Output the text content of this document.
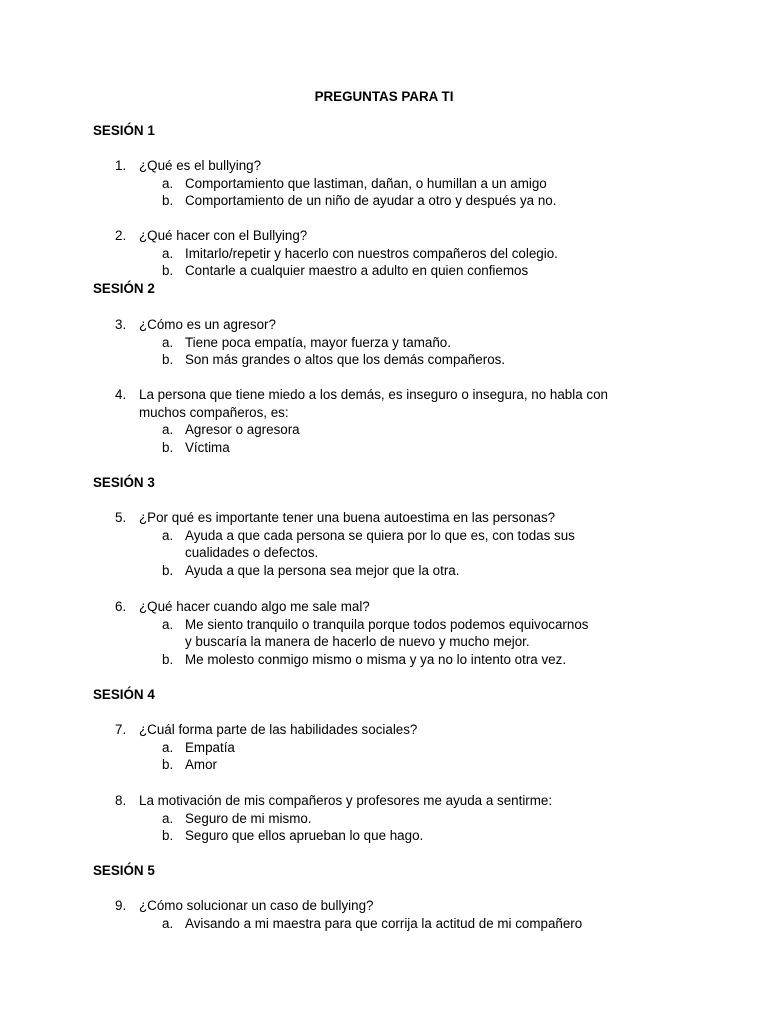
PREGUNTAS PARA TI
SESIÓN 1
1. ¿Qué es el bullying?
a. Comportamiento que lastiman, dañan, o humillan a un amigo
b. Comportamiento de un niño de ayudar a otro y después ya no.
2. ¿Qué hacer con el Bullying?
a. Imitarlo/repetir y hacerlo con nuestros compañeros del colegio.
b. Contarle a cualquier maestro a adulto en quien confiemos
SESIÓN 2
3. ¿Cómo es un agresor?
a. Tiene poca empatía, mayor fuerza y tamaño.
b. Son más grandes o altos que los demás compañeros.
4. La persona que tiene miedo a los demás, es inseguro o insegura, no habla con muchos compañeros, es:
a. Agresor o agresora
b. Víctima
SESIÓN 3
5. ¿Por qué es importante tener una buena autoestima en las personas?
a. Ayuda a que cada persona se quiera por lo que es, con todas sus cualidades o defectos.
b. Ayuda a que la persona sea mejor que la otra.
6. ¿Qué hacer cuando algo me sale mal?
a. Me siento tranquilo o tranquila porque todos podemos equivocarnos y buscaría la manera de hacerlo de nuevo y mucho mejor.
b. Me molesto conmigo mismo o misma y ya no lo intento otra vez.
SESIÓN 4
7. ¿Cuál forma parte de las habilidades sociales?
a. Empatía
b. Amor
8. La motivación de mis compañeros y profesores me ayuda a sentirme:
a. Seguro de mi mismo.
b. Seguro que ellos aprueban lo que hago.
SESIÓN 5
9. ¿Cómo solucionar un caso de bullying?
a. Avisando a mi maestra para que corrija la actitud de mi compañero
